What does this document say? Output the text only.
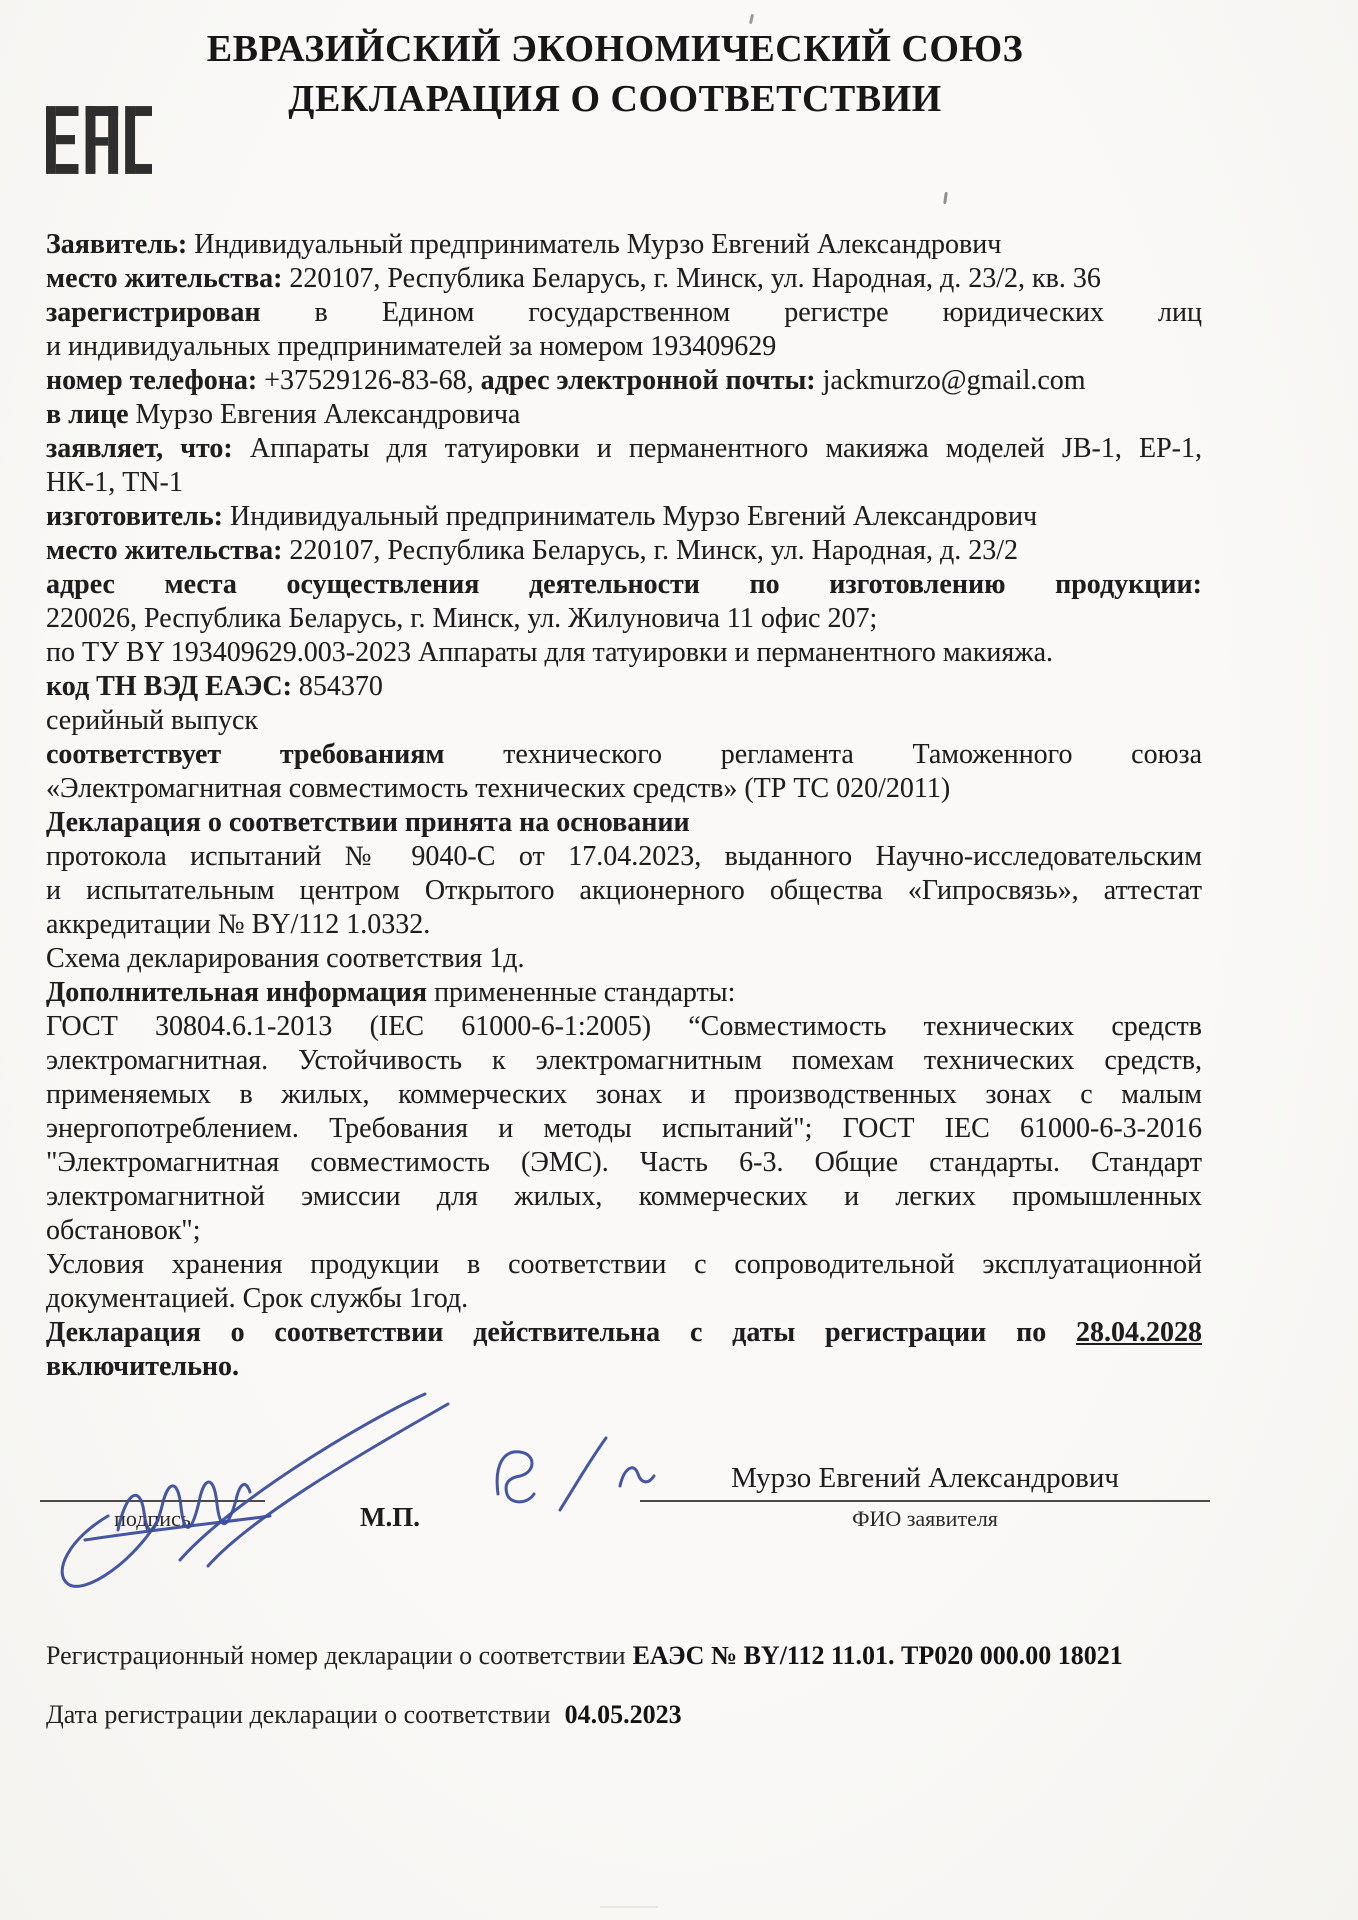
ЕВРАЗИЙСКИЙ ЭКОНОМИЧЕСКИЙ СОЮЗ
ДЕКЛАРАЦИЯ О СООТВЕТСТВИИ
Заявитель: Индивидуальный предприниматель Мурзо Евгений Александрович
место жительства: 220107, Республика Беларусь, г. Минск, ул. Народная, д. 23/2, кв. 36
зарегистрирован в Едином государственном регистре юридических лиц
и индивидуальных предпринимателей за номером 193409629
номер телефона: +37529126-83-68, адрес электронной почты: jackmurzo@gmail.com
в лице Мурзо Евгения Александровича
заявляет, что: Аппараты для татуировки и перманентного макияжа моделей JB-1, EP-1,
НК-1, TN-1
изготовитель: Индивидуальный предприниматель Мурзо Евгений Александрович
место жительства: 220107, Республика Беларусь, г. Минск, ул. Народная, д. 23/2
адрес места осуществления деятельности по изготовлению продукции:
220026, Республика Беларусь, г. Минск, ул. Жилуновича 11 офис 207;
по ТУ BY 193409629.003-2023 Аппараты для татуировки и перманентного макияжа.
код ТН ВЭД ЕАЭС: 854370
серийный выпуск
соответствует требованиям технического регламента Таможенного союза
«Электромагнитная совместимость технических средств» (ТР ТС 020/2011)
Декларация о соответствии принята на основании
протокола испытаний № 9040-С от 17.04.2023, выданного Научно-исследовательским
и испытательным центром Открытого акционерного общества «Гипросвязь», аттестат
аккредитации № BY/112 1.0332.
Схема декларирования соответствия 1д.
Дополнительная информация примененные стандарты:
ГОСТ 30804.6.1-2013 (IEC 61000-6-1:2005) “Совместимость технических средств
электромагнитная. Устойчивость к электромагнитным помехам технических средств,
применяемых в жилых, коммерческих зонах и производственных зонах с малым
энергопотреблением. Требования и методы испытаний"; ГОСТ IEC 61000-6-3-2016
"Электромагнитная совместимость (ЭМС). Часть 6-3. Общие стандарты. Стандарт
электромагнитной эмиссии для жилых, коммерческих и легких промышленных
обстановок";
Условия хранения продукции в соответствии с сопроводительной эксплуатационной
документацией. Срок службы 1год.
Декларация о соответствии действительна с даты регистрации по 28.04.2028
включительно.
подпись	М.П.
Мурзо Евгений Александрович
ФИО заявителя
Регистрационный номер декларации о соответствии ЕАЭС № BY/112 11.01. ТР020 000.00 18021
Дата регистрации декларации о соответствии 04.05.2023
